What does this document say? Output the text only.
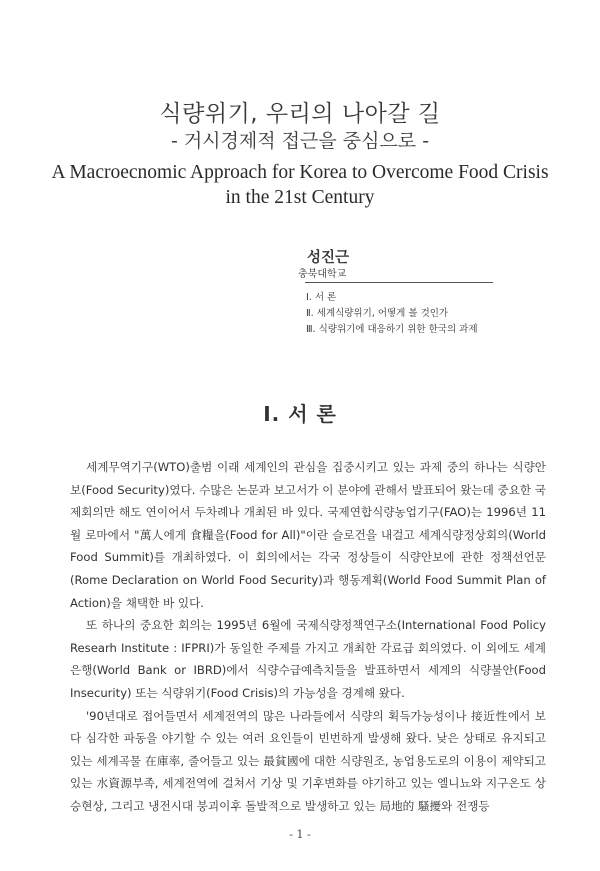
식량위기, 우리의 나아갈 길
- 거시경제적 접근을 중심으로 -
A Macroecnomic Approach for Korea to Overcome Food Crisis
in the 21st Century
성진근
충북대학교
Ⅰ. 서 론
Ⅱ. 세계식량위기, 어떻게 볼 것인가
Ⅲ. 식량위기에 대응하기 위한 한국의 과제
Ⅰ. 서 론

세계무역기구(WTO)출범 이래 세계인의 관심을 집중시키고 있는 과제 중의 하나는 식량안보(Food Security)였다. 수많은 논문과 보고서가 이 분야에 관해서 발표되어 왔는데 중요한 국제회의만 해도 연이어서 두차례나 개최된 바 있다. 국제연합식량농업기구(FAO)는 1996년 11월 로마에서 "萬人에게 食糧을(Food for All)"이란 슬로건을 내걸고 세계식량정상회의(World Food Summit)를 개최하였다. 이 회의에서는 각국 정상들이 식량안보에 관한 정책선언문(Rome Declaration on World Food Security)과 행동계획(World Food Summit Plan of Action)을 채택한 바 있다.

또 하나의 중요한 회의는 1995년 6월에 국제식량정책연구소(International Food Policy Researh Institute : IFPRI)가 동일한 주제를 가지고 개최한 각료급 회의였다. 이 외에도 세계은행(World Bank or IBRD)에서 식량수급예측치들을 발표하면서 세계의 식량불안(Food Insecurity) 또는 식량위기(Food Crisis)의 가능성을 경계해 왔다.

'90년대로 접어들면서 세계전역의 많은 나라들에서 식량의 획득가능성이나 接近性에서 보다 심각한 파동을 야기할 수 있는 여러 요인들이 빈번하게 발생해 왔다. 낮은 상태로 유지되고 있는 세계곡물 在庫率, 줄어들고 있는 最貧國에 대한 식량원조, 농업용도로의 이용이 제약되고 있는 水資源부족, 세계전역에 걸쳐서 기상 및 기후변화를 야기하고 있는 엘니뇨와 지구온도 상승현상, 그리고 냉전시대 붕괴이후 돌발적으로 발생하고 있는 局地的 騷擾와 전쟁등

- 1 -
